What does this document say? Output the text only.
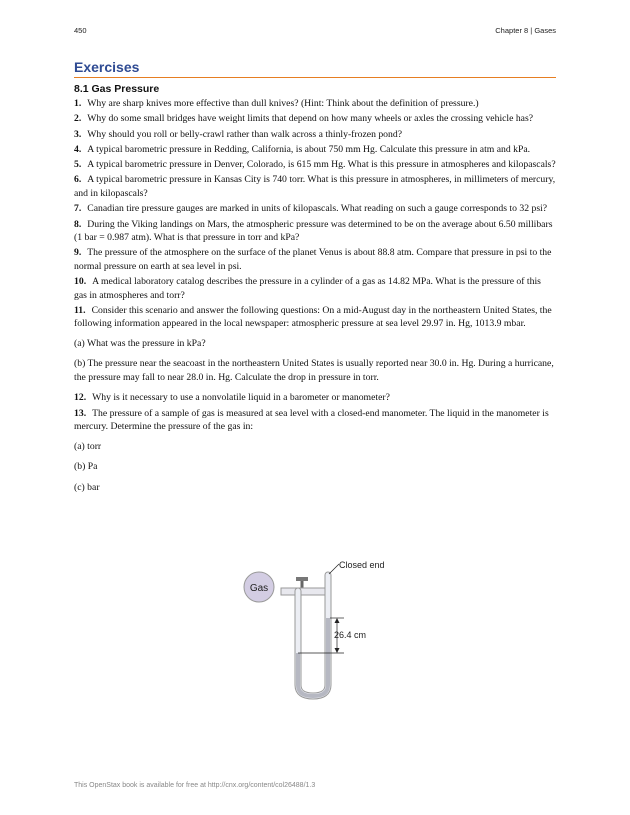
450	Chapter 8 | Gases
Exercises
8.1 Gas Pressure
1. Why are sharp knives more effective than dull knives? (Hint: Think about the definition of pressure.)
2. Why do some small bridges have weight limits that depend on how many wheels or axles the crossing vehicle has?
3. Why should you roll or belly-crawl rather than walk across a thinly-frozen pond?
4. A typical barometric pressure in Redding, California, is about 750 mm Hg. Calculate this pressure in atm and kPa.
5. A typical barometric pressure in Denver, Colorado, is 615 mm Hg. What is this pressure in atmospheres and kilopascals?
6. A typical barometric pressure in Kansas City is 740 torr. What is this pressure in atmospheres, in millimeters of mercury, and in kilopascals?
7. Canadian tire pressure gauges are marked in units of kilopascals. What reading on such a gauge corresponds to 32 psi?
8. During the Viking landings on Mars, the atmospheric pressure was determined to be on the average about 6.50 millibars (1 bar = 0.987 atm). What is that pressure in torr and kPa?
9. The pressure of the atmosphere on the surface of the planet Venus is about 88.8 atm. Compare that pressure in psi to the normal pressure on earth at sea level in psi.
10. A medical laboratory catalog describes the pressure in a cylinder of a gas as 14.82 MPa. What is the pressure of this gas in atmospheres and torr?
11. Consider this scenario and answer the following questions: On a mid-August day in the northeastern United States, the following information appeared in the local newspaper: atmospheric pressure at sea level 29.97 in. Hg, 1013.9 mbar.
(a) What was the pressure in kPa?
(b) The pressure near the seacoast in the northeastern United States is usually reported near 30.0 in. Hg. During a hurricane, the pressure may fall to near 28.0 in. Hg. Calculate the drop in pressure in torr.
12. Why is it necessary to use a nonvolatile liquid in a barometer or manometer?
13. The pressure of a sample of gas is measured at sea level with a closed-end manometer. The liquid in the manometer is mercury. Determine the pressure of the gas in:
(a) torr
(b) Pa
(c) bar
Gas
26.4 cm
Closed end
This OpenStax book is available for free at http://cnx.org/content/col26488/1.3
